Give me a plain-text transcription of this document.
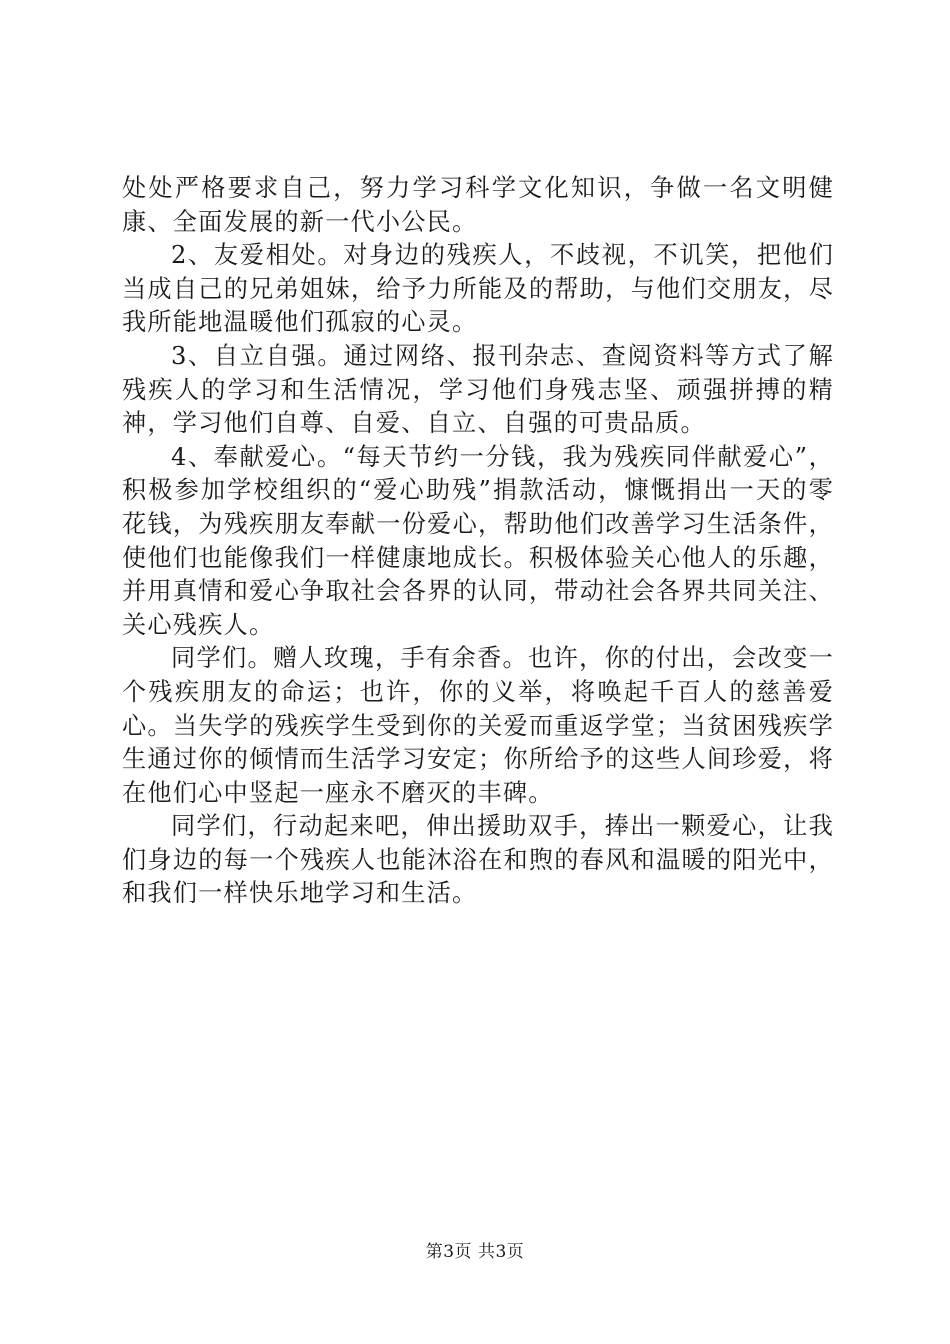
处处严格要求自己，努力学习科学文化知识，争做一名文明健康、全面发展的新一代小公民。

2、友爱相处。对身边的残疾人，不歧视，不讥笑，把他们当成自己的兄弟姐妹，给予力所能及的帮助，与他们交朋友，尽我所能地温暖他们孤寂的心灵。

3、自立自强。通过网络、报刊杂志、查阅资料等方式了解残疾人的学习和生活情况，学习他们身残志坚、顽强拼搏的精神，学习他们自尊、自爱、自立、自强的可贵品质。

4、奉献爱心。“每天节约一分钱，我为残疾同伴献爱心”，积极参加学校组织的“爱心助残”捐款活动，慷慨捐出一天的零花钱，为残疾朋友奉献一份爱心，帮助他们改善学习生活条件，使他们也能像我们一样健康地成长。积极体验关心他人的乐趣，并用真情和爱心争取社会各界的认同，带动社会各界共同关注、关心残疾人。

同学们。赠人玫瑰，手有余香。也许，你的付出，会改变一个残疾朋友的命运；也许，你的义举，将唤起千百人的慈善爱心。当失学的残疾学生受到你的关爱而重返学堂；当贫困残疾学生通过你的倾情而生活学习安定；你所给予的这些人间珍爱，将在他们心中竖起一座永不磨灭的丰碑。

同学们，行动起来吧，伸出援助双手，捧出一颗爱心，让我们身边的每一个残疾人也能沐浴在和煦的春风和温暖的阳光中，和我们一样快乐地学习和生活。

第3页 共3页
